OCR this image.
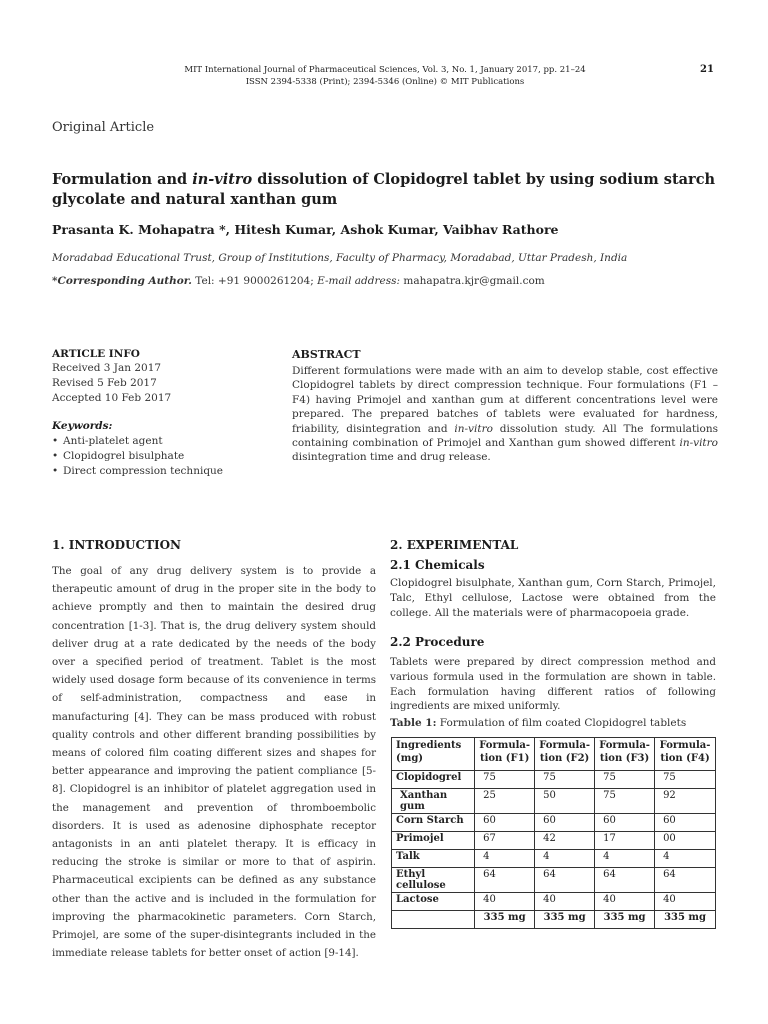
MIT International Journal of Pharmaceutical Sciences, Vol. 3, No. 1, January 2017, pp. 21–24
ISSN 2394-5338 (Print); 2394-5346 (Online) © MIT Publications
21
Original Article
Formulation and in-vitro dissolution of Clopidogrel tablet by using sodium starch glycolate and natural xanthan gum
Prasanta K. Mohapatra *, Hitesh Kumar, Ashok Kumar, Vaibhav Rathore
Moradabad Educational Trust, Group of Institutions, Faculty of Pharmacy, Moradabad, Uttar Pradesh, India
*Corresponding Author. Tel: +91 9000261204; E-mail address: mahapatra.kjr@gmail.com
ARTICLE INFO
Received 3 Jan 2017
Revised 5 Feb 2017
Accepted 10 Feb 2017
Keywords:
• Anti-platelet agent
• Clopidogrel bisulphate
• Direct compression technique
ABSTRACT
Different formulations were made with an aim to develop stable, cost effective Clopidogrel tablets by direct compression technique. Four formulations (F1 – F4) having Primojel and xanthan gum at different concentrations level were prepared. The prepared batches of tablets were evaluated for hardness, friability, disintegration and in-vitro dissolution study. All The formulations containing combination of Primojel and Xanthan gum showed different in-vitro disintegration time and drug release.
1. INTRODUCTION
The goal of any drug delivery system is to provide a therapeutic amount of drug in the proper site in the body to achieve promptly and then to maintain the desired drug concentration [1-3]. That is, the drug delivery system should deliver drug at a rate dedicated by the needs of the body over a specified period of treatment. Tablet is the most widely used dosage form because of its convenience in terms of self-administration, compactness and ease in manufacturing [4]. They can be mass produced with robust quality controls and other different branding possibilities by means of colored film coating different sizes and shapes for better appearance and improving the patient compliance [5-8]. Clopidogrel is an inhibitor of platelet aggregation used in the management and prevention of thromboembolic disorders. It is used as adenosine diphosphate receptor antagonists in an anti platelet therapy. It is efficacy in reducing the stroke is similar or more to that of aspirin. Pharmaceutical excipients can be defined as any substance other than the active and is included in the formulation for improving the pharmacokinetic parameters. Corn Starch, Primojel, are some of the super-disintegrants included in the immediate release tablets for better onset of action [9-14].
2. EXPERIMENTAL
2.1 Chemicals
Clopidogrel bisulphate, Xanthan gum, Corn Starch, Primojel, Talc, Ethyl cellulose, Lactose were obtained from the college. All the materials were of pharmacopoeia grade.
2.2 Procedure
Tablets were prepared by direct compression method and various formula used in the formulation are shown in table. Each formulation having different ratios of following ingredients are mixed uniformly.
Table 1: Formulation of film coated Clopidogrel tablets
Ingredients (mg)	Formula-tion (F1)	Formula-tion (F2)	Formula-tion (F3)	Formula-tion (F4)
Clopidogrel	75	75	75	75
Xanthan gum	25	50	75	92
Corn Starch	60	60	60	60
Primojel	67	42	17	00
Talk	4	4	4	4
Ethyl cellulose	64	64	64	64
Lactose	40	40	40	40
	335 mg	335 mg	335 mg	335 mg
